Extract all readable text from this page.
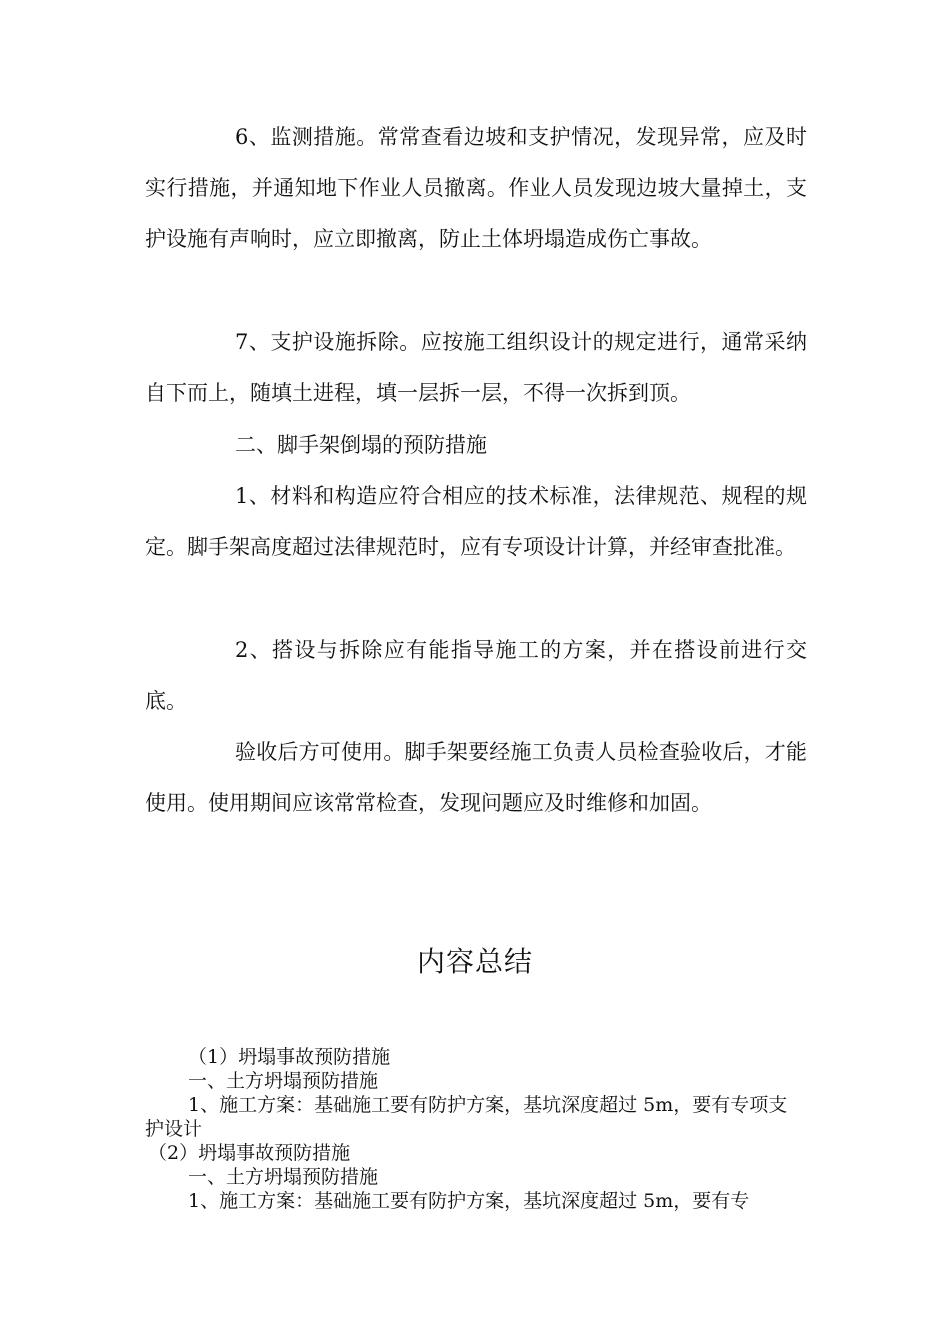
6、监测措施。常常查看边坡和支护情况，发现异常，应及时实行措施，并通知地下作业人员撤离。作业人员发现边坡大量掉土，支护设施有声响时，应立即撤离，防止土体坍塌造成伤亡事故。

7、支护设施拆除。应按施工组织设计的规定进行，通常采纳自下而上，随填土进程，填一层拆一层，不得一次拆到顶。

二、脚手架倒塌的预防措施

1、材料和构造应符合相应的技术标准，法律规范、规程的规定。脚手架高度超过法律规范时，应有专项设计计算，并经审查批准。

2、搭设与拆除应有能指导施工的方案，并在搭设前进行交底。

验收后方可使用。脚手架要经施工负责人员检查验收后，才能使用。使用期间应该常常检查，发现问题应及时维修和加固。

内容总结

（1）坍塌事故预防措施

一、土方坍塌预防措施

1、施工方案：基础施工要有防护方案，基坑深度超过 5m，要有专项支护设计

（2）坍塌事故预防措施

一、土方坍塌预防措施

1、施工方案：基础施工要有防护方案，基坑深度超过 5m，要有专
